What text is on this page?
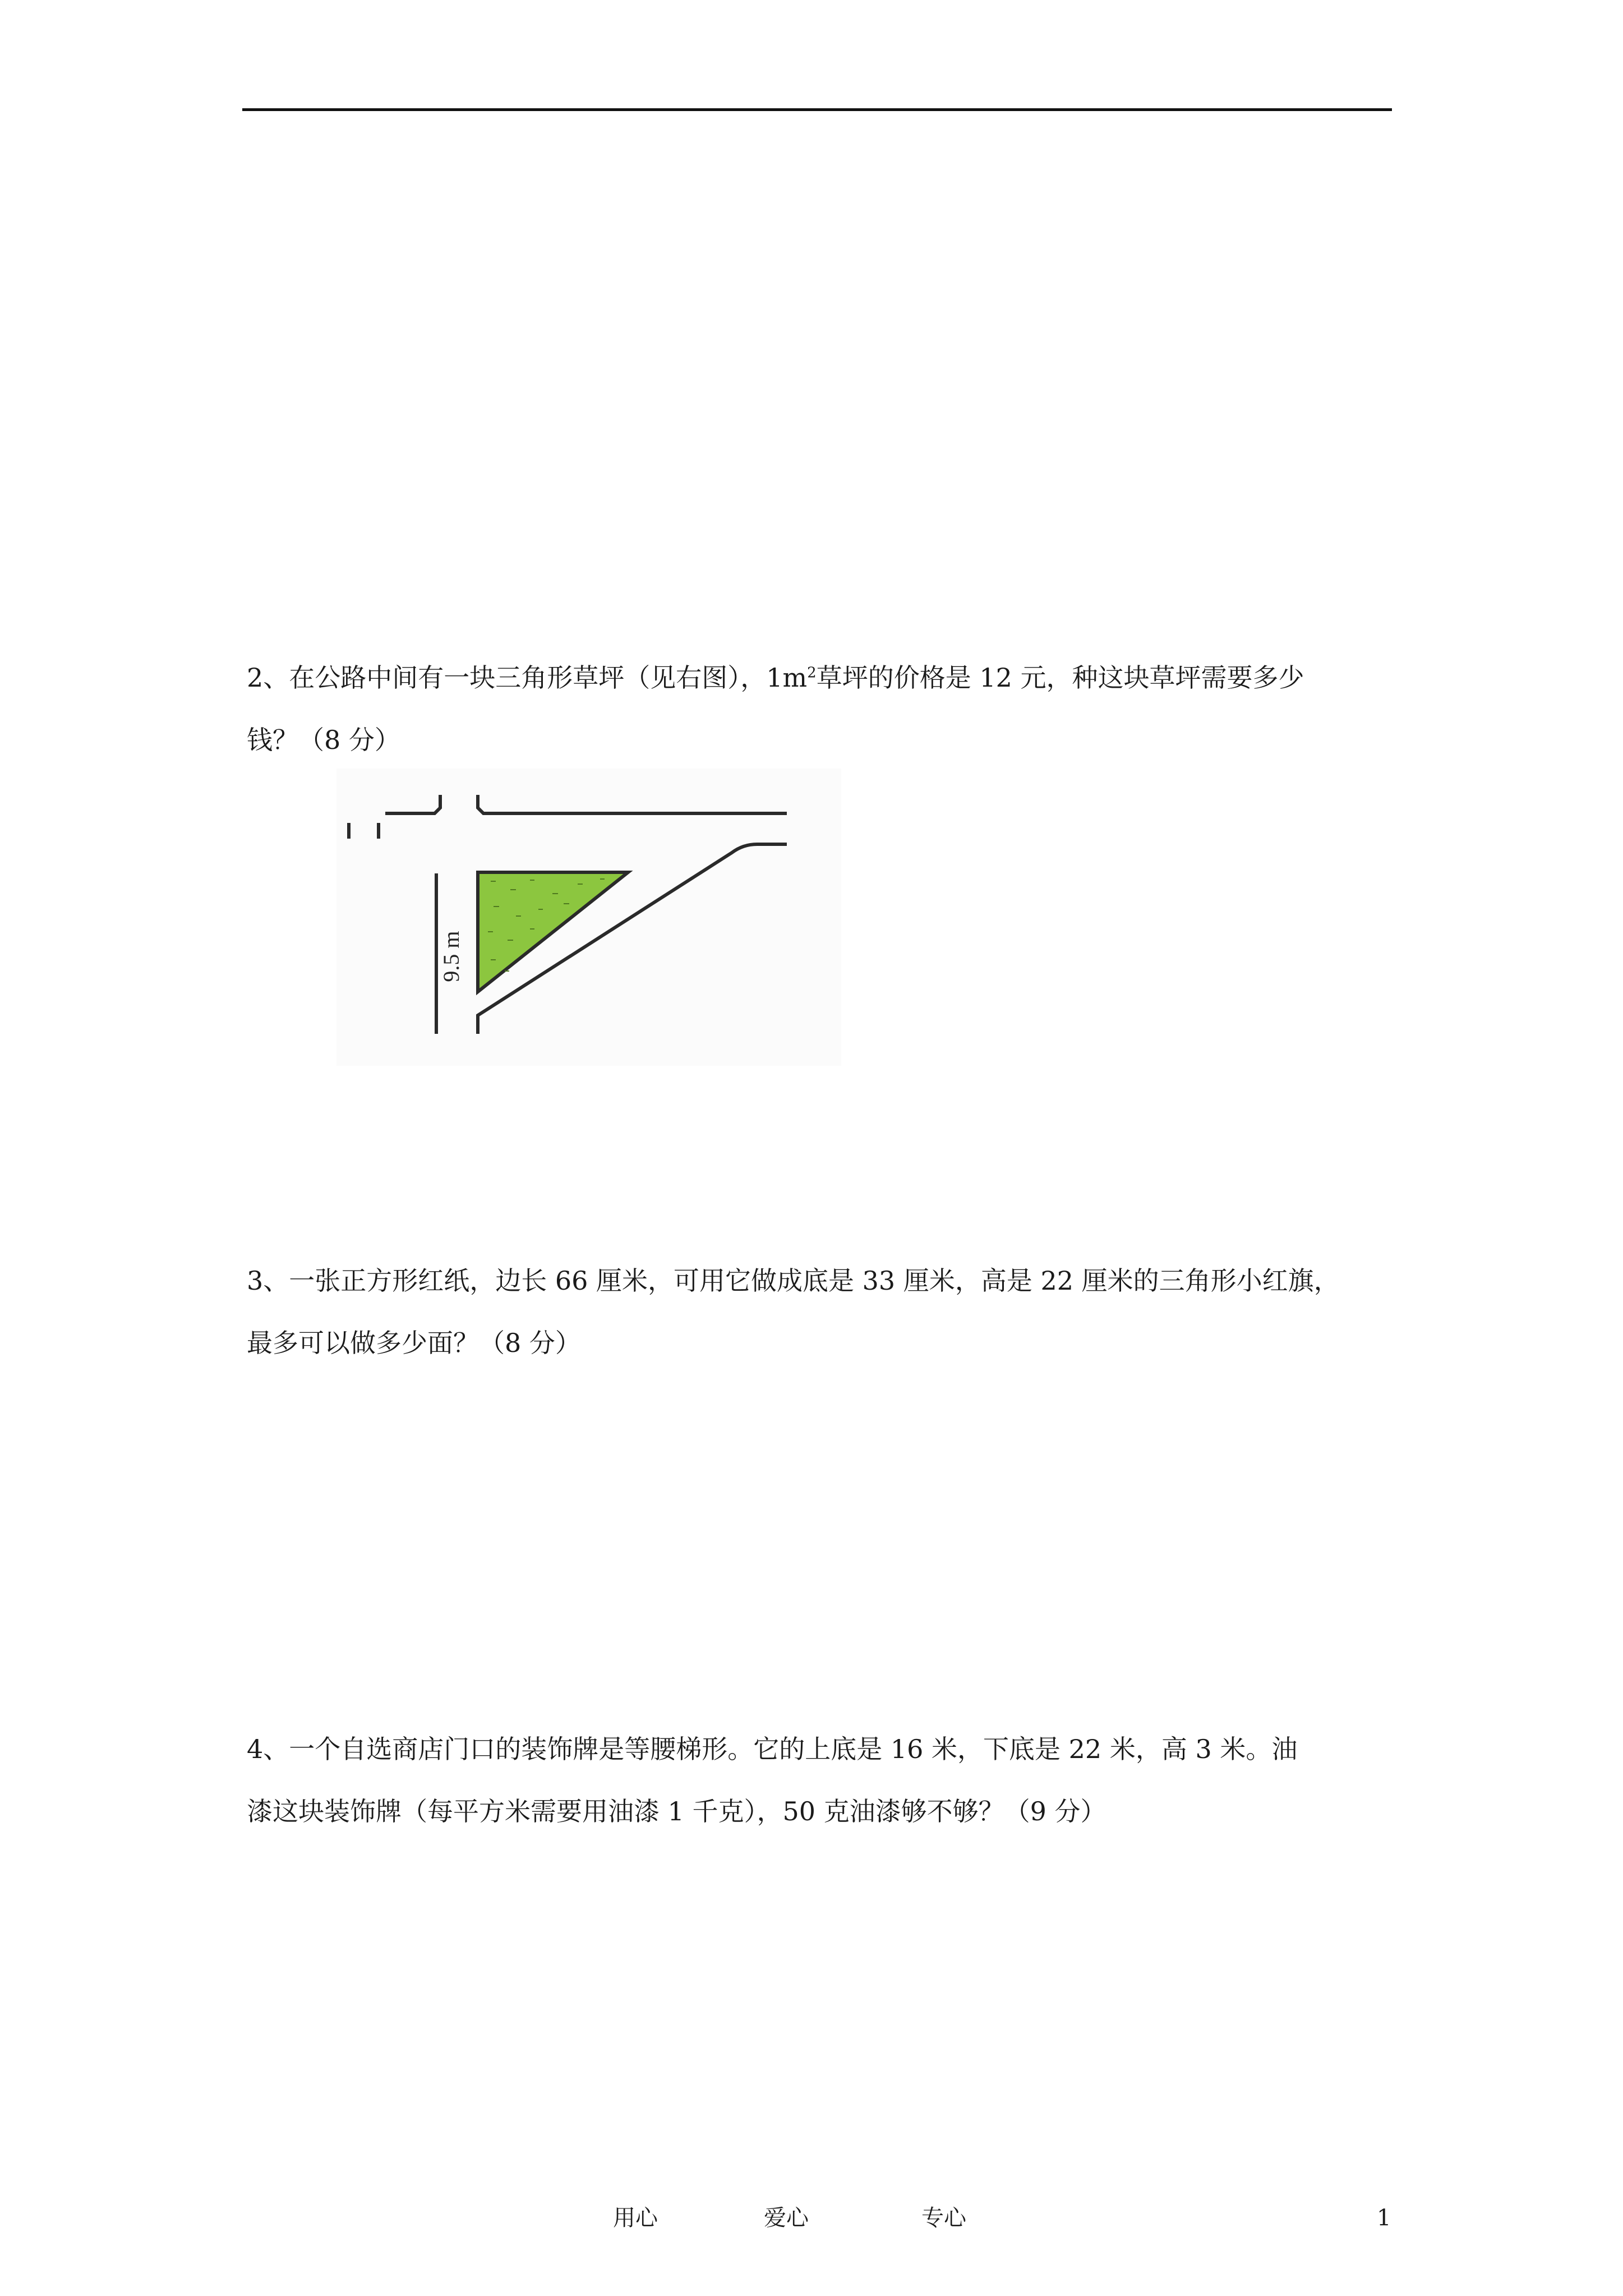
2、在公路中间有一块三角形草坪（见右图），$1m^2$草坪的价格是 12 元，种这块草坪需要多少

钱？（8 分）

9.5 m

3、一张正方形红纸，边长 66 厘米，可用它做成底是 33 厘米，高是 22 厘米的三角形小红旗，

最多可以做多少面？（8 分）

4、一个自选商店门口的装饰牌是等腰梯形。它的上底是 16 米，下底是 22 米，高 3 米。油

漆这块装饰牌（每平方米需要用油漆 1 千克），50 克油漆够不够？（9 分）

用心	爱心	专心	1
